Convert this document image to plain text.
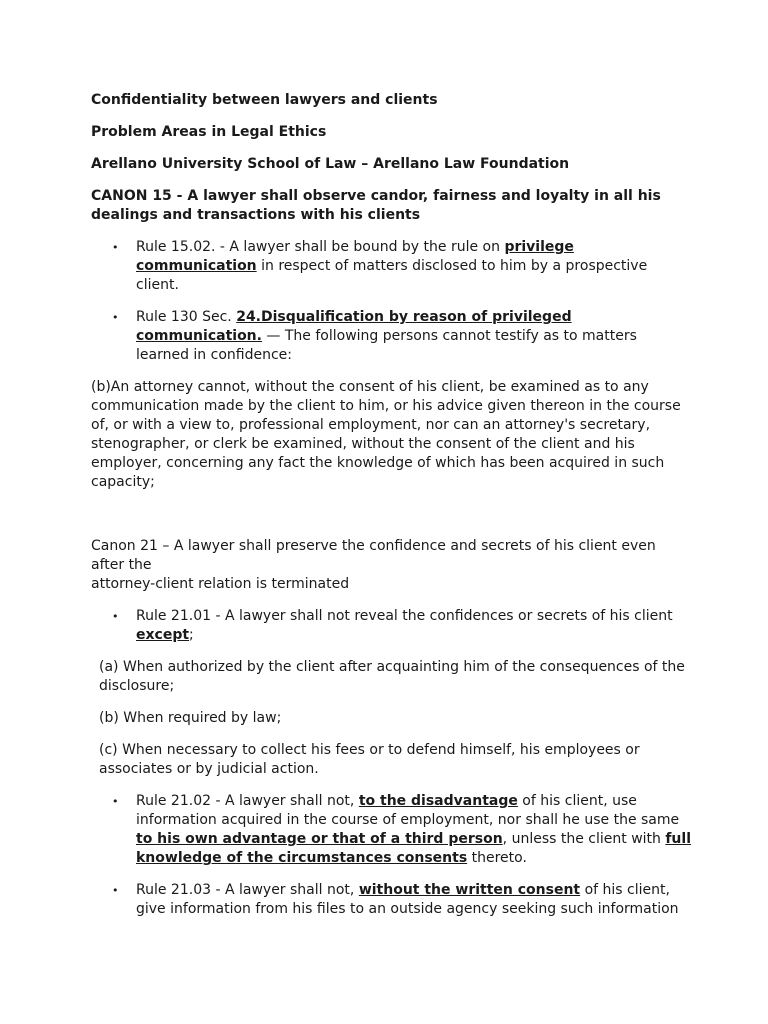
Confidentiality between lawyers and clients

Problem Areas in Legal Ethics

Arellano University School of Law – Arellano Law Foundation

CANON 15 - A lawyer shall observe candor, fairness and loyalty in all his dealings and transactions with his clients

• Rule 15.02. - A lawyer shall be bound by the rule on privilege communication in respect of matters disclosed to him by a prospective client.
• Rule 130 Sec. 24.Disqualification by reason of privileged communication. — The following persons cannot testify as to matters learned in confidence:

(b)An attorney cannot, without the consent of his client, be examined as to any communication made by the client to him, or his advice given thereon in the course of, or with a view to, professional employment, nor can an attorney's secretary, stenographer, or clerk be examined, without the consent of the client and his employer, concerning any fact the knowledge of which has been acquired in such capacity;

Canon 21 – A lawyer shall preserve the confidence and secrets of his client even after the
attorney-client relation is terminated

• Rule 21.01 - A lawyer shall not reveal the confidences or secrets of his client except;

(a) When authorized by the client after acquainting him of the consequences of the disclosure;

(b) When required by law;

(c) When necessary to collect his fees or to defend himself, his employees or associates or by judicial action.

• Rule 21.02 - A lawyer shall not, to the disadvantage of his client, use information acquired in the course of employment, nor shall he use the same to his own advantage or that of a third person, unless the client with full knowledge of the circumstances consents thereto.
• Rule 21.03 - A lawyer shall not, without the written consent of his client, give information from his files to an outside agency seeking such information
